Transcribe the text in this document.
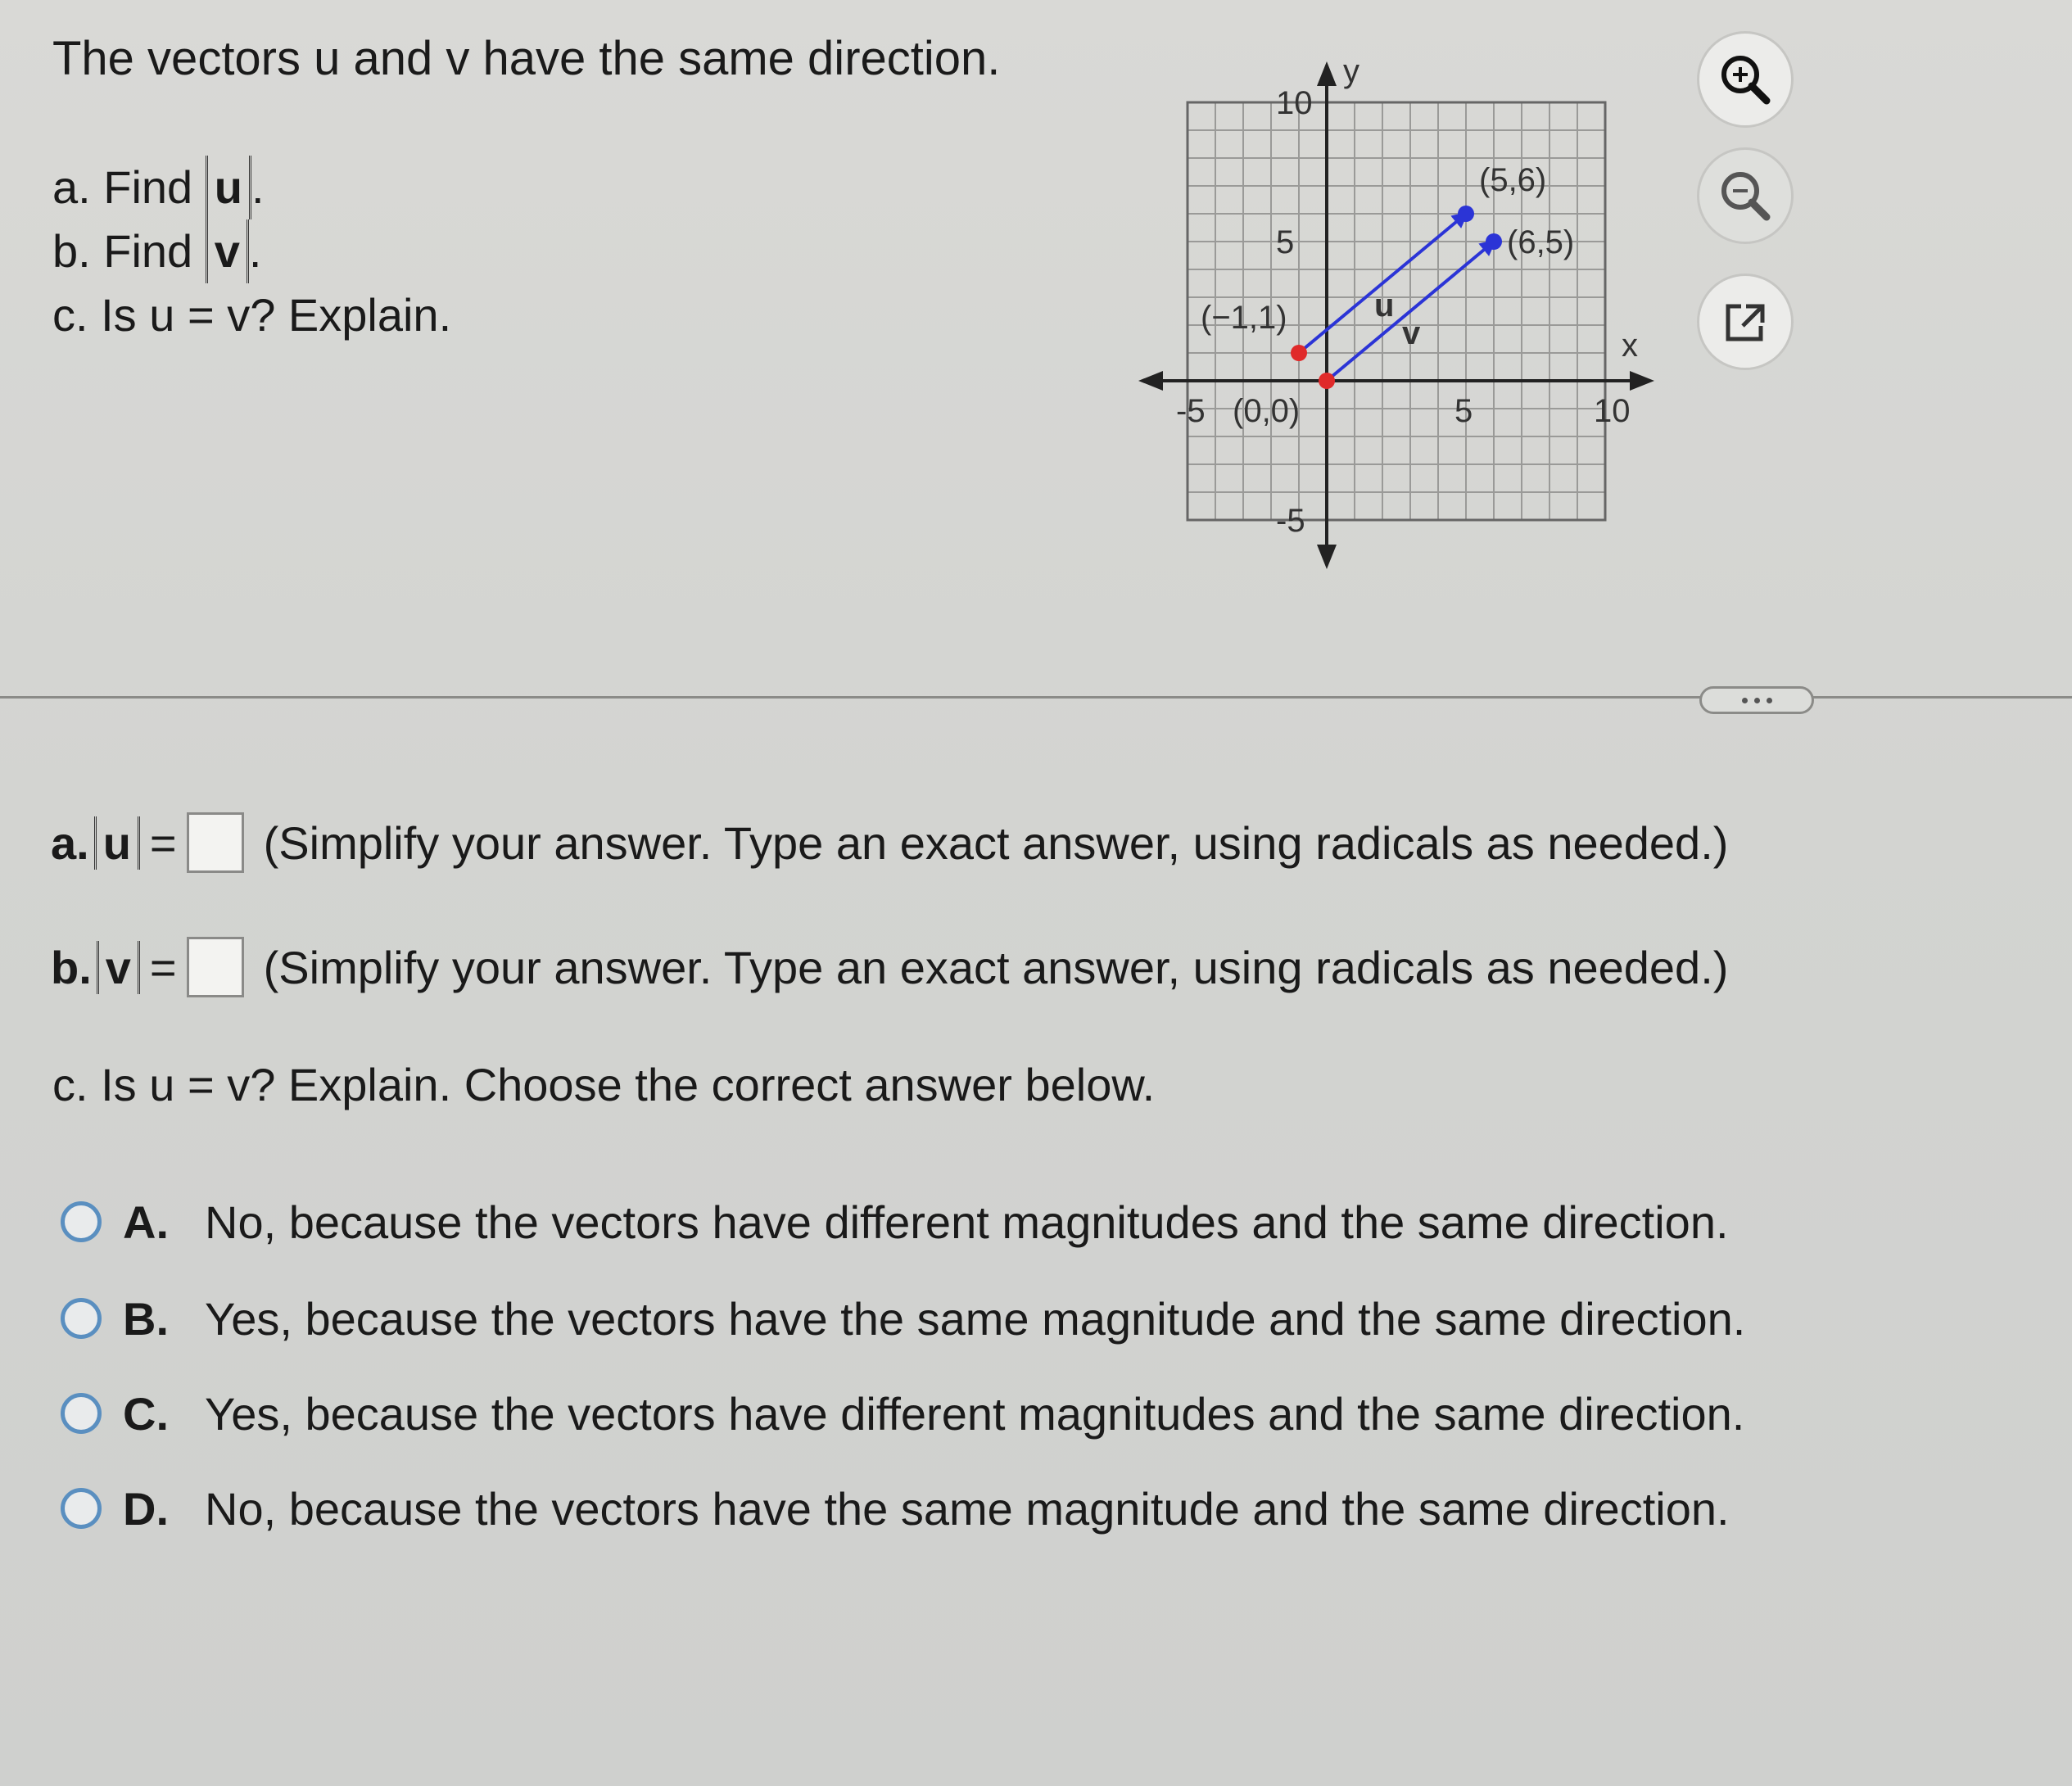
The vectors u and v have the same direction.
a. Find u .
b. Find v .
c. Is u = v? Explain.
x
y
-5	5	10
10
5
-5
u
(5,6)
(−1,1)	v
(6,5)
(0,0)
a. u = (Simplify your answer. Type an exact answer, using radicals as needed.)
b. v = (Simplify your answer. Type an exact answer, using radicals as needed.)
c. Is u = v? Explain. Choose the correct answer below.
A. No, because the vectors have different magnitudes and the same direction.
B. Yes, because the vectors have the same magnitude and the same direction.
C. Yes, because the vectors have different magnitudes and the same direction.
D. No, because the vectors have the same magnitude and the same direction.
